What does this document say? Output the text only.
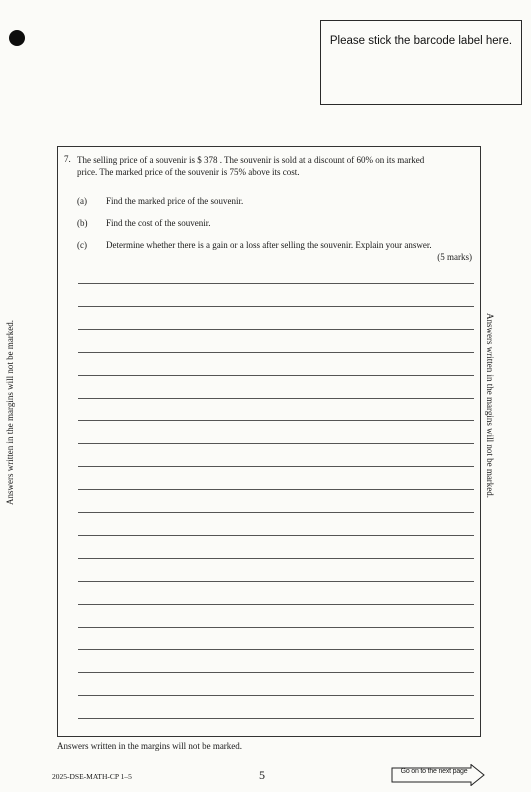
Please stick the barcode label here.
Answers written in the margins will not be marked.	Answers written in the margins will not be marked.
7. The selling price of a souvenir is $ 378 . The souvenir is sold at a discount of 60% on its marked
price. The marked price of the souvenir is 75% above its cost.
(a)	Find the marked price of the souvenir.
(b)	Find the cost of the souvenir.
(c)	Determine whether there is a gain or a loss after selling the souvenir. Explain your answer.
(5 marks)
Answers written in the margins will not be marked.
2025-DSE-MATH-CP 1–5	5	Go on to the next page
